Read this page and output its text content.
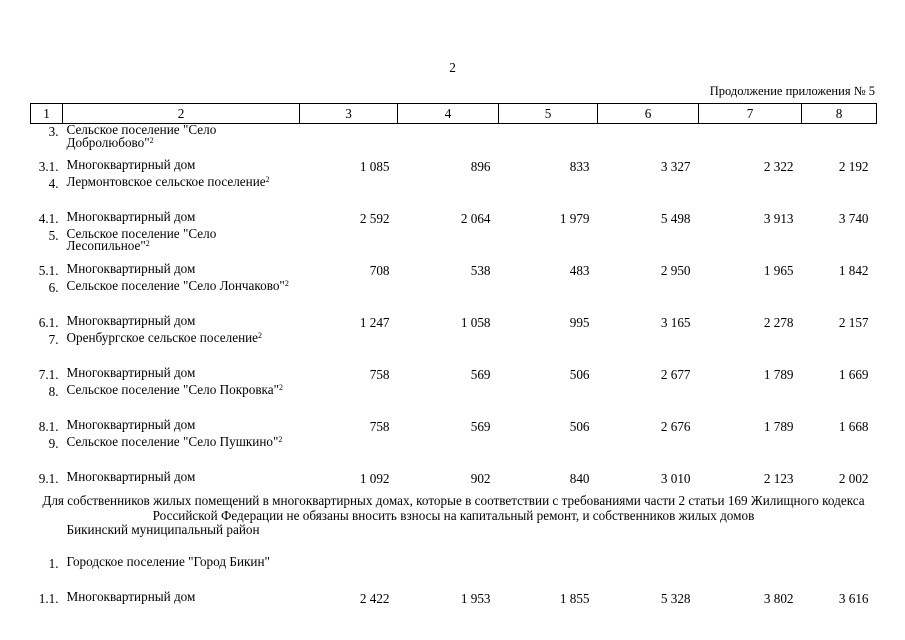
2
Продолжение приложения № 5
1	2	3	4	5	6	7	8
3.	Сельское поселение "Село Добролюбово"$^2$						
3.1.	Многоквартирный дом	1 085	896	833	3 327	2 322	2 192
4.	Лермонтовское сельское поселение$^2$						
4.1.	Многоквартирный дом	2 592	2 064	1 979	5 498	3 913	3 740
5.	Сельское поселение "Село Лесопильное"$^2$						
5.1.	Многоквартирный дом	708	538	483	2 950	1 965	1 842
6.	Сельское поселение "Село Лончаково"$^2$						
6.1.	Многоквартирный дом	1 247	1 058	995	3 165	2 278	2 157
7.	Оренбургское сельское поселение$^2$						
7.1.	Многоквартирный дом	758	569	506	2 677	1 789	1 669
8.	Сельское поселение "Село Покровка"$^2$						
8.1.	Многоквартирный дом	758	569	506	2 676	1 789	1 668
9.	Сельское поселение "Село Пушкино"$^2$						
9.1.	Многоквартирный дом	1 092	902	840	3 010	2 123	2 002
Для собственников жилых помещений в многоквартирных домах, которые в соответствии с требованиями части 2 статьи 169 Жилищного кодекса Российской Федерации не обязаны вносить взносы на капитальный ремонт, и собственников жилых домов							
	Бикинский муниципальный район						
1.	Городское поселение "Город Бикин"						
1.1.	Многоквартирный дом	2 422	1 953	1 855	5 328	3 802	3 616
